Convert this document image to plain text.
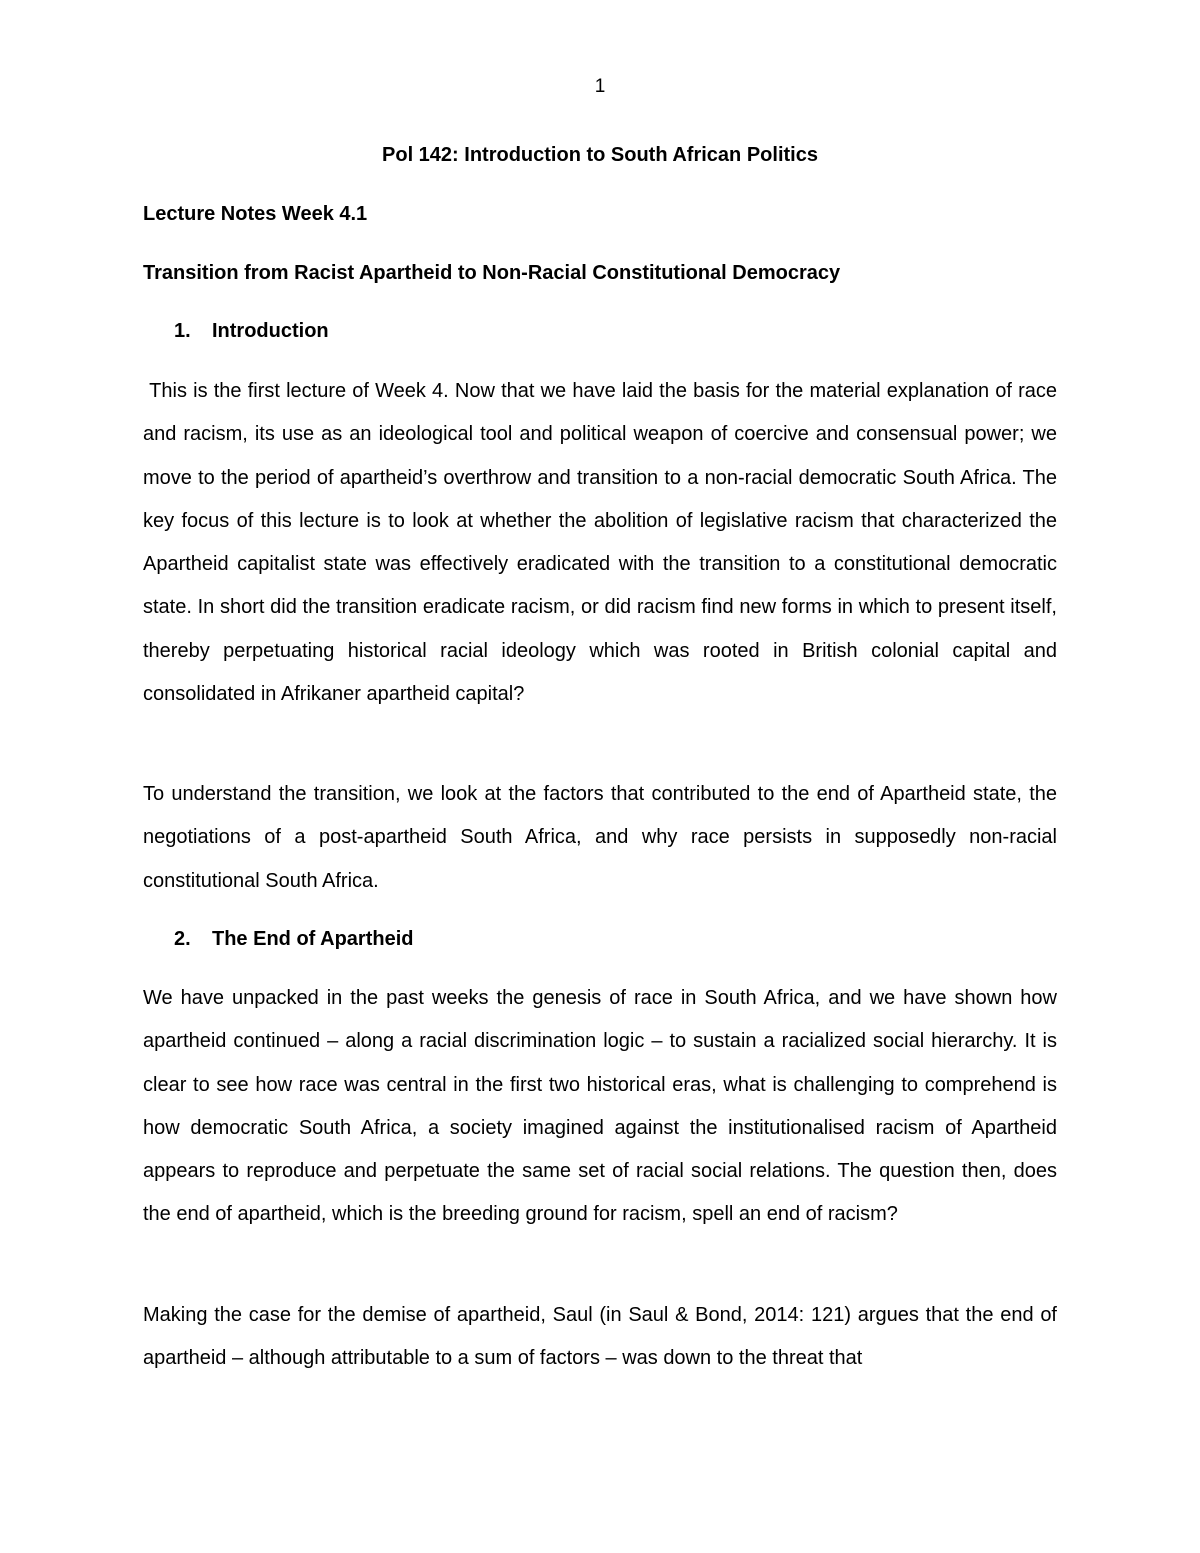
1
Pol 142: Introduction to South African Politics
Lecture Notes Week 4.1
Transition from Racist Apartheid to Non-Racial Constitutional Democracy
1. Introduction

This is the first lecture of Week 4. Now that we have laid the basis for the material explanation of race and racism, its use as an ideological tool and political weapon of coercive and consensual power; we move to the period of apartheid’s overthrow and transition to a non-racial democratic South Africa. The key focus of this lecture is to look at whether the abolition of legislative racism that characterized the Apartheid capitalist state was effectively eradicated with the transition to a constitutional democratic state. In short did the transition eradicate racism, or did racism find new forms in which to present itself, thereby perpetuating historical racial ideology which was rooted in British colonial capital and consolidated in Afrikaner apartheid capital?

To understand the transition, we look at the factors that contributed to the end of Apartheid state, the negotiations of a post-apartheid South Africa, and why race persists in supposedly non-racial constitutional South Africa.

2. The End of Apartheid

We have unpacked in the past weeks the genesis of race in South Africa, and we have shown how apartheid continued – along a racial discrimination logic – to sustain a racialized social hierarchy. It is clear to see how race was central in the first two historical eras, what is challenging to comprehend is how democratic South Africa, a society imagined against the institutionalised racism of Apartheid appears to reproduce and perpetuate the same set of racial social relations. The question then, does the end of apartheid, which is the breeding ground for racism, spell an end of racism?

Making the case for the demise of apartheid, Saul (in Saul & Bond, 2014: 121) argues that the end of apartheid – although attributable to a sum of factors – was down to the threat that
